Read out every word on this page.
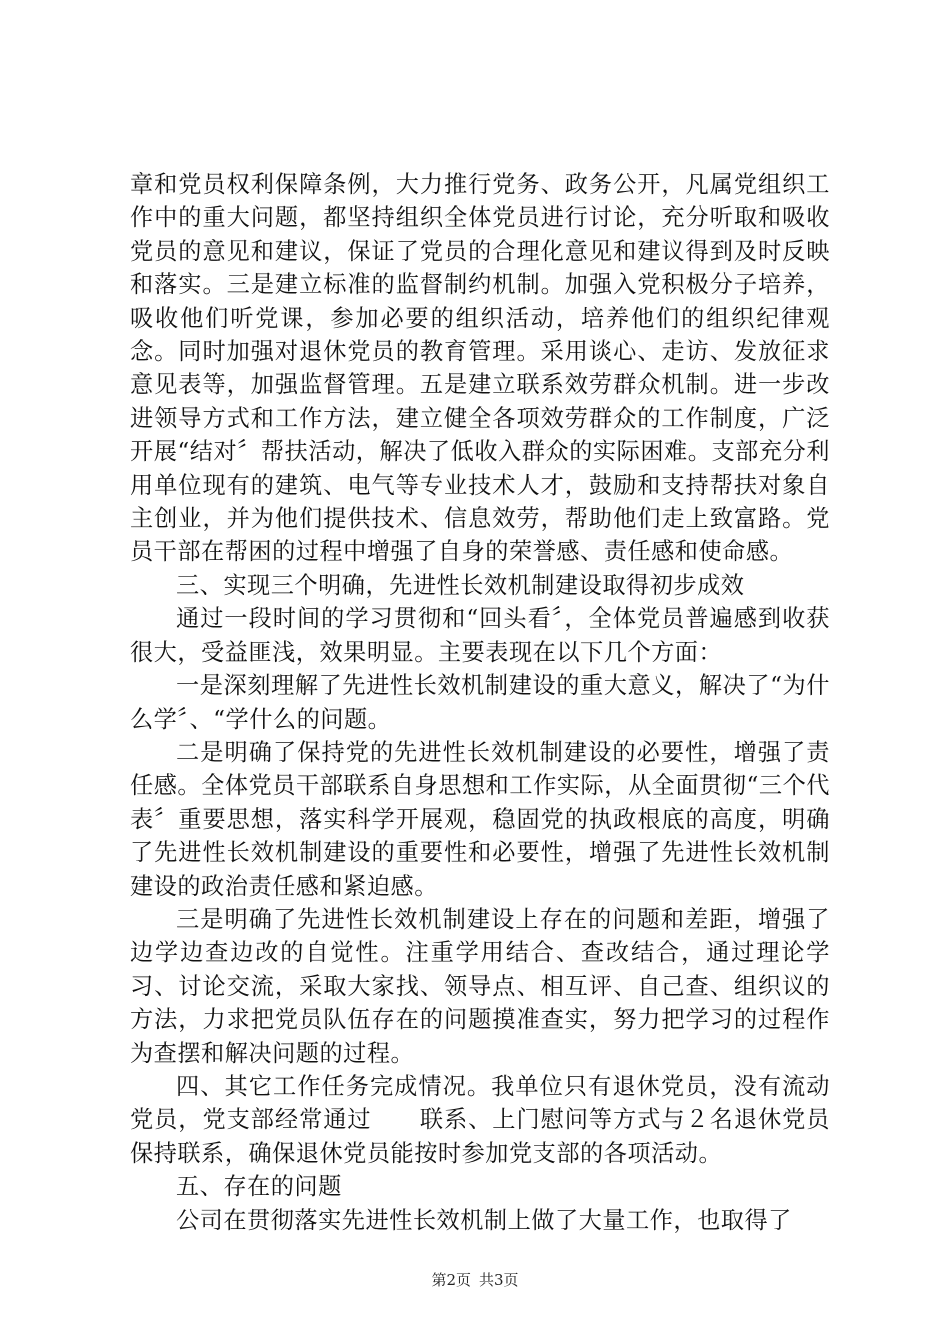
章和党员权利保障条例，大力推行党务、政务公开，凡属党组织工作中的重大问题，都坚持组织全体党员进行讨论，充分听取和吸收党员的意见和建议，保证了党员的合理化意见和建议得到及时反映和落实。三是建立标准的监督制约机制。加强入党积极分子培养，吸收他们听党课，参加必要的组织活动，培养他们的组织纪律观念。同时加强对退休党员的教育管理。采用谈心、走访、发放征求意见表等，加强监督管理。五是建立联系效劳群众机制。进一步改进领导方式和工作方法，建立健全各项效劳群众的工作制度，广泛开展“结对〞帮扶活动，解决了低收入群众的实际困难。支部充分利用单位现有的建筑、电气等专业技术人才，鼓励和支持帮扶对象自主创业，并为他们提供技术、信息效劳，帮助他们走上致富路。党员干部在帮困的过程中增强了自身的荣誉感、责任感和使命感。

三、实现三个明确，先进性长效机制建设取得初步成效

通过一段时间的学习贯彻和“回头看〞，全体党员普遍感到收获很大，受益匪浅，效果明显。主要表现在以下几个方面：

一是深刻理解了先进性长效机制建设的重大意义，解决了“为什么学〞、“学什么的问题。

二是明确了保持党的先进性长效机制建设的必要性，增强了责任感。全体党员干部联系自身思想和工作实际，从全面贯彻“三个代表〞重要思想，落实科学开展观，稳固党的执政根底的高度，明确了先进性长效机制建设的重要性和必要性，增强了先进性长效机制建设的政治责任感和紧迫感。

三是明确了先进性长效机制建设上存在的问题和差距，增强了边学边查边改的自觉性。注重学用结合、查改结合，通过理论学习、讨论交流，采取大家找、领导点、相互评、自己查、组织议的方法，力求把党员队伍存在的问题摸准查实，努力把学习的过程作为查摆和解决问题的过程。

四、其它工作任务完成情况。我单位只有退休党员，没有流动党员，党支部经常通过　　联系、上门慰问等方式与２名退休党员保持联系，确保退休党员能按时参加党支部的各项活动。

五、存在的问题

公司在贯彻落实先进性长效机制上做了大量工作，也取得了

第2页 共3页
